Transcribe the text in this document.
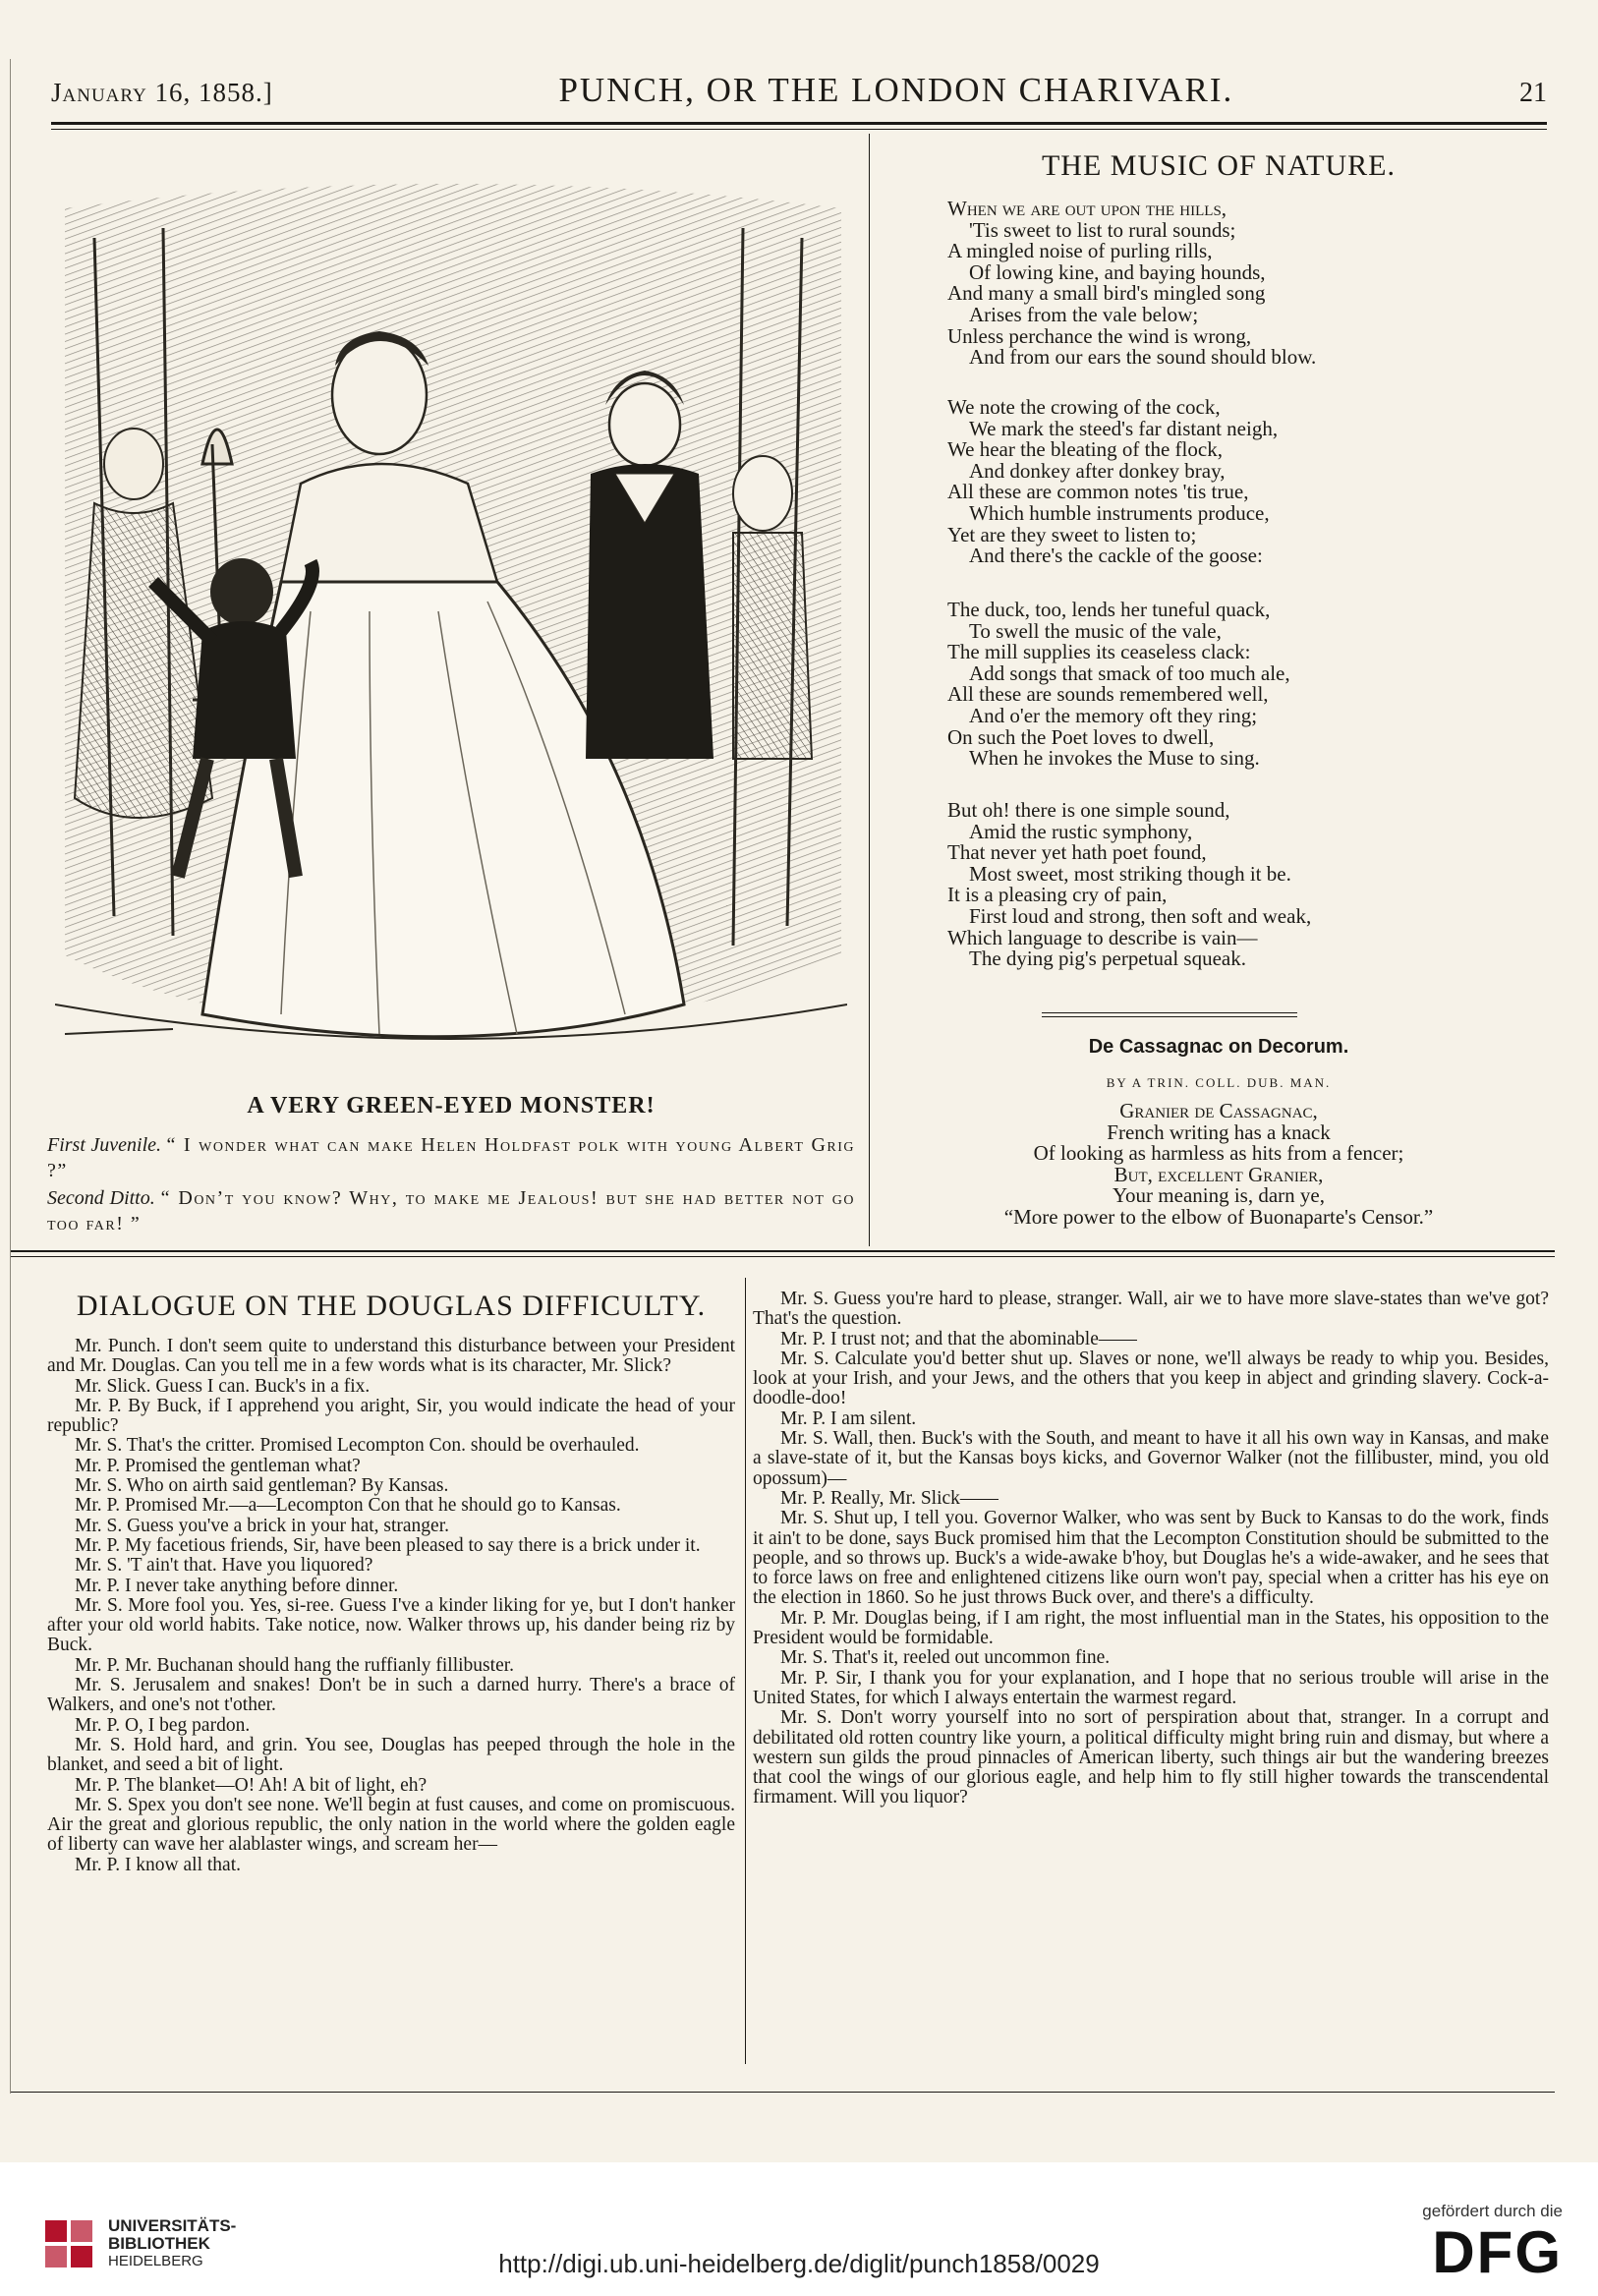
January 16, 1858.]	PUNCH, OR THE LONDON CHARIVARI.	21
A VERY GREEN-EYED MONSTER!
First Juvenile. “ I wonder what can make Helen Holdfast polk with young Albert Grig ?”
Second Ditto. “ Don’t you know? Why, to make me Jealous! but she had better not go too far! ”
THE MUSIC OF NATURE.
When we are out upon the hills,
'Tis sweet to list to rural sounds;
A mingled noise of purling rills,
Of lowing kine, and baying hounds,
And many a small bird's mingled song
Arises from the vale below;
Unless perchance the wind is wrong,
And from our ears the sound should blow.
We note the crowing of the cock,
We mark the steed's far distant neigh,
We hear the bleating of the flock,
And donkey after donkey bray,
All these are common notes 'tis true,
Which humble instruments produce,
Yet are they sweet to listen to;
And there's the cackle of the goose:
The duck, too, lends her tuneful quack,
To swell the music of the vale,
The mill supplies its ceaseless clack:
Add songs that smack of too much ale,
All these are sounds remembered well,
And o'er the memory oft they ring;
On such the Poet loves to dwell,
When he invokes the Muse to sing.
But oh! there is one simple sound,
Amid the rustic symphony,
That never yet hath poet found,
Most sweet, most striking though it be.
It is a pleasing cry of pain,
First loud and strong, then soft and weak,
Which language to describe is vain—
The dying pig's perpetual squeak.
De Cassagnac on Decorum.
BY A TRIN. COLL. DUB. MAN.
Granier de Cassagnac,
French writing has a knack
Of looking as harmless as hits from a fencer;
But, excellent Granier,
Your meaning is, darn ye,
“More power to the elbow of Buonaparte's Censor.”
DIALOGUE ON THE DOUGLAS DIFFICULTY.

Mr. Punch. I don't seem quite to understand this disturbance between your President and Mr. Douglas. Can you tell me in a few words what is its character, Mr. Slick?

Mr. Slick. Guess I can. Buck's in a fix.

Mr. P. By Buck, if I apprehend you aright, Sir, you would indicate the head of your republic?

Mr. S. That's the critter. Promised Lecompton Con. should be overhauled.

Mr. P. Promised the gentleman what?

Mr. S. Who on airth said gentleman? By Kansas.

Mr. P. Promised Mr.—a—Lecompton Con that he should go to Kansas.

Mr. S. Guess you've a brick in your hat, stranger.

Mr. P. My facetious friends, Sir, have been pleased to say there is a brick under it.

Mr. S. 'T ain't that. Have you liquored?

Mr. P. I never take anything before dinner.

Mr. S. More fool you. Yes, si-ree. Guess I've a kinder liking for ye, but I don't hanker after your old world habits. Take notice, now. Walker throws up, his dander being riz by Buck.

Mr. P. Mr. Buchanan should hang the ruffianly fillibuster.

Mr. S. Jerusalem and snakes! Don't be in such a darned hurry. There's a brace of Walkers, and one's not t'other.

Mr. P. O, I beg pardon.

Mr. S. Hold hard, and grin. You see, Douglas has peeped through the hole in the blanket, and seed a bit of light.

Mr. P. The blanket—O! Ah! A bit of light, eh?

Mr. S. Spex you don't see none. We'll begin at fust causes, and come on promiscuous. Air the great and glorious republic, the only nation in the world where the golden eagle of liberty can wave her alablaster wings, and scream her—

Mr. P. I know all that.

Mr. S. Guess you're hard to please, stranger. Wall, air we to have more slave-states than we've got? That's the question.

Mr. P. I trust not; and that the abominable——

Mr. S. Calculate you'd better shut up. Slaves or none, we'll always be ready to whip you. Besides, look at your Irish, and your Jews, and the others that you keep in abject and grinding slavery. Cock-a-doodle-doo!

Mr. P. I am silent.

Mr. S. Wall, then. Buck's with the South, and meant to have it all his own way in Kansas, and make a slave-state of it, but the Kansas boys kicks, and Governor Walker (not the fillibuster, mind, you old opossum)—

Mr. P. Really, Mr. Slick——

Mr. S. Shut up, I tell you. Governor Walker, who was sent by Buck to Kansas to do the work, finds it ain't to be done, says Buck promised him that the Lecompton Constitution should be submitted to the people, and so throws up. Buck's a wide-awake b'hoy, but Douglas he's a wide-awaker, and he sees that to force laws on free and enlightened citizens like ourn won't pay, special when a critter has his eye on the election in 1860. So he just throws Buck over, and there's a difficulty.

Mr. P. Mr. Douglas being, if I am right, the most influential man in the States, his opposition to the President would be formidable.

Mr. S. That's it, reeled out uncommon fine.

Mr. P. Sir, I thank you for your explanation, and I hope that no serious trouble will arise in the United States, for which I always entertain the warmest regard.

Mr. S. Don't worry yourself into no sort of perspiration about that, stranger. In a corrupt and debilitated old rotten country like yourn, a political difficulty might bring ruin and dismay, but where a western sun gilds the proud pinnacles of American liberty, such things air but the wandering breezes that cool the wings of our glorious eagle, and help him to fly still higher towards the transcendental firmament. Will you liquor?

UNIVERSITÄTS-
BIBLIOTHEK
HEIDELBERG	http://digi.ub.uni-heidelberg.de/diglit/punch1858/0029
gefördert durch die
DFG
